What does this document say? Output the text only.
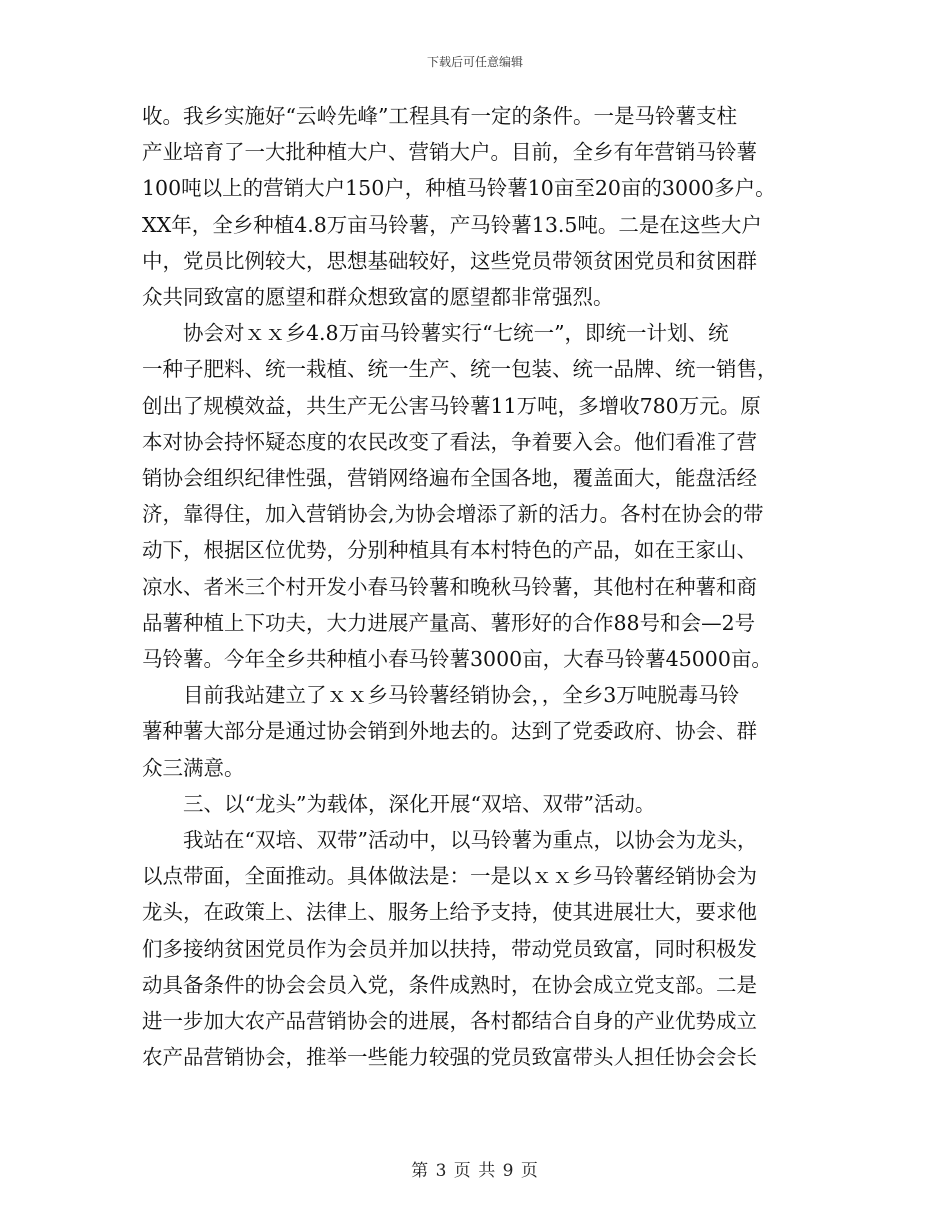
下载后可任意编辑
收。我乡实施好“云岭先峰”工程具有一定的条件。一是马铃薯支柱
产业培育了一大批种植大户、营销大户。目前，全乡有年营销马铃薯
100吨以上的营销大户150户，种植马铃薯10亩至20亩的3000多户。
XX年，全乡种植4.8万亩马铃薯，产马铃薯13.5吨。二是在这些大户
中，党员比例较大，思想基础较好，这些党员带领贫困党员和贫困群
众共同致富的愿望和群众想致富的愿望都非常强烈。
协会对ｘｘ乡4.8万亩马铃薯实行“七统一”，即统一计划、统
一种子肥料、统一栽植、统一生产、统一包装、统一品牌、统一销售，
创出了规模效益，共生产无公害马铃薯11万吨，多增收780万元。原
本对协会持怀疑态度的农民改变了看法，争着要入会。他们看准了营
销协会组织纪律性强，营销网络遍布全国各地，覆盖面大，能盘活经
济，靠得住，加入营销协会,为协会增添了新的活力。各村在协会的带
动下，根据区位优势，分别种植具有本村特色的产品，如在王家山、
凉水、者米三个村开发小春马铃薯和晚秋马铃薯，其他村在种薯和商
品薯种植上下功夫，大力进展产量高、薯形好的合作88号和会—2号
马铃薯。今年全乡共种植小春马铃薯3000亩，大春马铃薯45000亩。
目前我站建立了ｘｘ乡马铃薯经销协会，，全乡3万吨脱毒马铃
薯种薯大部分是通过协会销到外地去的。达到了党委政府、协会、群
众三满意。
三、以“龙头”为载体，深化开展“双培、双带”活动。
我站在“双培、双带”活动中，以马铃薯为重点，以协会为龙头，
以点带面，全面推动。具体做法是：一是以ｘｘ乡马铃薯经销协会为
龙头，在政策上、法律上、服务上给予支持，使其进展壮大，要求他
们多接纳贫困党员作为会员并加以扶持，带动党员致富，同时积极发
动具备条件的协会会员入党，条件成熟时，在协会成立党支部。二是
进一步加大农产品营销协会的进展，各村都结合自身的产业优势成立
农产品营销协会，推举一些能力较强的党员致富带头人担任协会会长
第 3 页 共 9 页
